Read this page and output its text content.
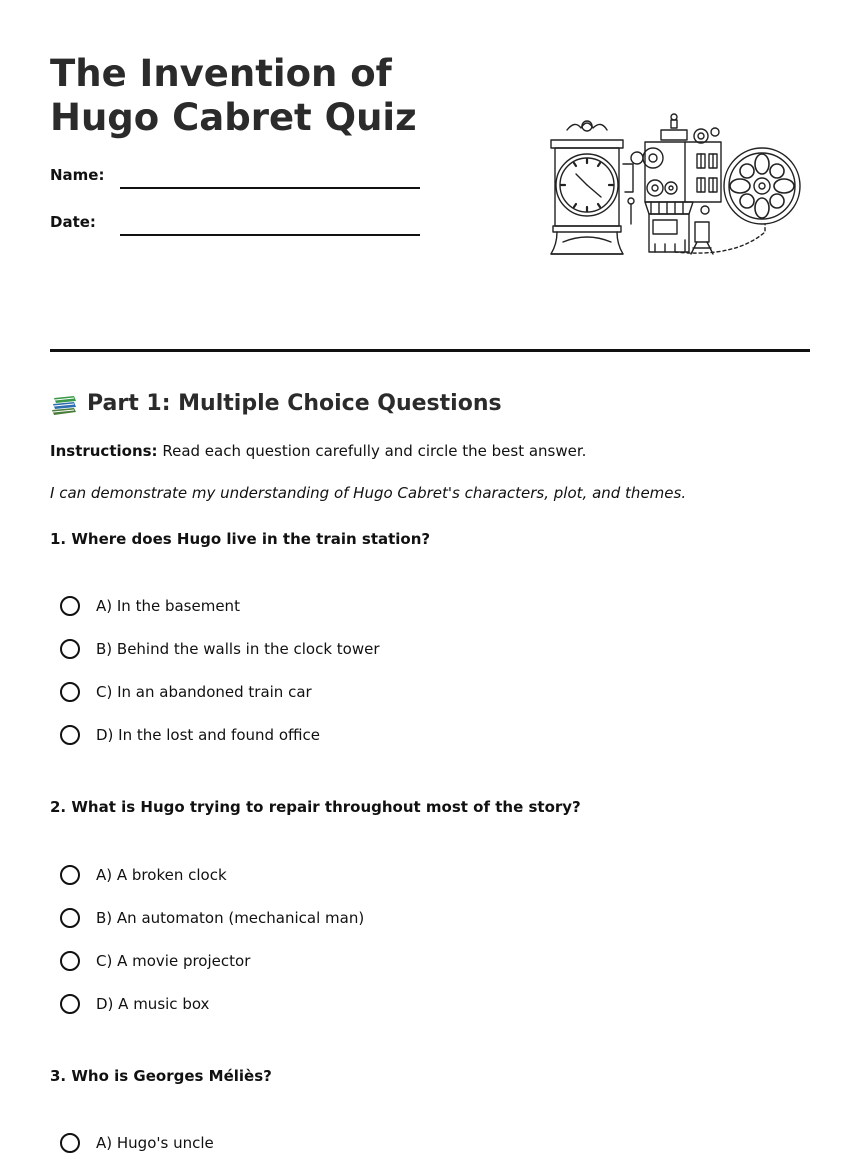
The Invention of Hugo Cabret Quiz
Name:
Date:
Part 1: Multiple Choice Questions
Instructions: Read each question carefully and circle the best answer.
I can demonstrate my understanding of Hugo Cabret's characters, plot, and themes.

1. Where does Hugo live in the train station?

A) In the basement
B) Behind the walls in the clock tower
C) In an abandoned train car
D) In the lost and found office

2. What is Hugo trying to repair throughout most of the story?

A) A broken clock
B) An automaton (mechanical man)
C) A movie projector
D) A music box

3. Who is Georges Méliès?

A) Hugo's uncle
